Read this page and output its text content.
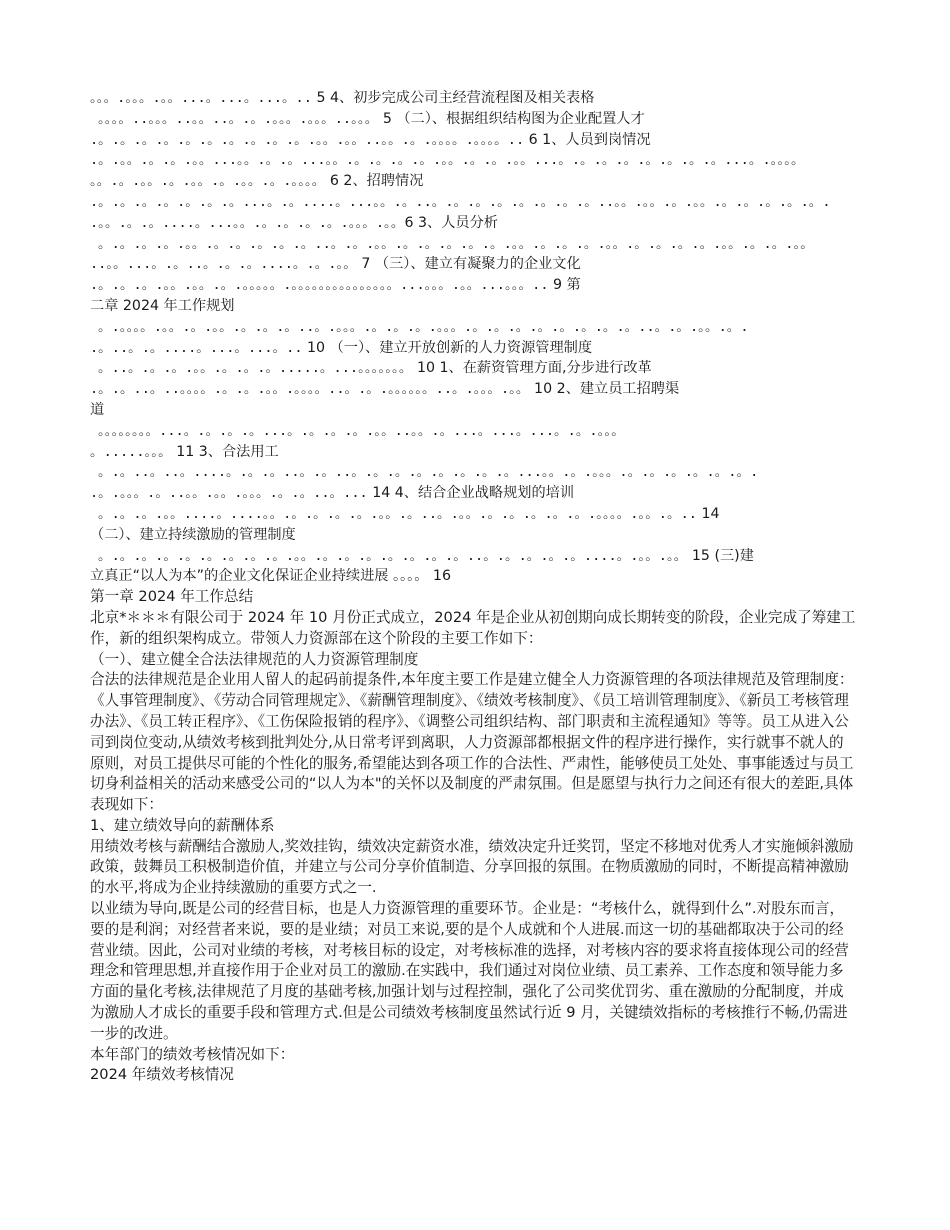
。。。.。。。.。。...。...。...。.. 5 4、初步完成公司主经营流程图及相关表格
。。。。..。。。..。。..。.。.。。。.。。。..。。。 5 （二）、根据组织结构图为企业配置人才
.。.。.。.。.。.。.。.。.。.。.。。.。。..。。.。.。。。。.。。。。.. 6 1、人员到岗情况
.。.。。.。.。.。。...。。.。.。...。。.。.。.。.。.。。.。.。.。。...。.。.。.。.。.。.。.。...。.。。。。
。。.。.。。.。.。。.。.。。.。.。。。。 6 2、招聘情况
.。.。.。.。.。.。.。...。.。....。...。。.。..。.。.。.。.。.。.。.。..。。.。。.。.。。.。.。.。.。.。.
.。。.。.。....。...。。.。.。.。.。.。。。.。。6 3、人员分析
。.。.。.。.。。.。.。.。.。.。..。.。.。。.。.。.。.。.。.。。.。.。.。.。。.。.。.。.。.。。.。.。.。。
..。。...。.。..。.。.。....。.。.。。 7 （三）、建立有凝聚力的企业文化
.。.。.。.。。.。。.。.。。。。。.。。。。。。。。。。。。。。。...。。。.。。...。。。.. 9 第
二章 2024 年工作规划
。.。。。。.。。.。.。。.。.。.。..。.。。。.。.。.。.。。。.。.。.。.。.。.。.。.。..。.。.。。.。.
.。..。.。....。...。...。.. 10 （一）、建立开放创新的人力资源管理制度
。..。.。.。.。。.。.。.。.....。...。。。。。。。 10 1、在薪资管理方面,分步进行改革
.。.。..。..。。。。.。.。.。。.。。。。..。.。.。。。。。。..。.。。。.。。 10 2、建立员工招聘渠
道
。。。。。。。。...。.。.。.。...。.。.。.。.。。..。。.。...。...。...。.。.。。。
。.....。。。 11 3、合法用工
。.。..。..。....。.。.。..。.。..。.。.。.。.。.。.。.。...。。.。.。。。.。.。.。.。.。.。.
.。.。。。.。..。。.。。.。。。.。.。..。... 14 4、结合企业战略规划的培训
。.。.。.。。....。....。。.。.。.。.。.。。.。..。.。。.。.。.。.。.。.。。。。.。。.。.. 14
（二）、建立持续激励的管理制度
。.。.。.。.。.。.。.。.。.。。.。.。.。.。.。.。.。..。.。.。.。.。....。.。。.。。 15 (三)建
立真正“以人为本”的企业文化保证企业持续进展 。。。。 16
第一章 2024 年工作总结
北京*＊＊＊有限公司于 2024 年 10 月份正式成立，2024 年是企业从初创期向成长期转变的阶段，企业完成了筹建工作，新的组织架构成立。带领人力资源部在这个阶段的主要工作如下：
（一）、建立健全合法法律规范的人力资源管理制度
合法的法律规范是企业用人留人的起码前提条件,本年度主要工作是建立健全人力资源管理的各项法律规范及管理制度：《人事管理制度》、《劳动合同管理规定》、《薪酬管理制度》、《绩效考核制度》、《员工培训管理制度》、《新员工考核管理办法》、《员工转正程序》、《工伤保险报销的程序》、《调整公司组织结构、部门职责和主流程通知》等等。员工从进入公司到岗位变动,从绩效考核到批判处分,从日常考评到离职，人力资源部都根据文件的程序进行操作，实行就事不就人的原则，对员工提供尽可能的个性化的服务,希望能达到各项工作的合法性、严肃性，能够使员工处处、事事能透过与员工切身利益相关的活动来感受公司的“以人为本"的关怀以及制度的严肃氛围。但是愿望与执行力之间还有很大的差距,具体表现如下：
1、建立绩效导向的薪酬体系
用绩效考核与薪酬结合激励人,奖效挂钩，绩效决定薪资水准，绩效决定升迁奖罚，坚定不移地对优秀人才实施倾斜激励政策，鼓舞员工积极制造价值，并建立与公司分享价值制造、分享回报的氛围。在物质激励的同时，不断提高精神激励的水平,将成为企业持续激励的重要方式之一.
以业绩为导向,既是公司的经营目标，也是人力资源管理的重要环节。企业是：“考核什么，就得到什么”.对股东而言，要的是利润；对经营者来说，要的是业绩；对员工来说,要的是个人成就和个人进展.而这一切的基础都取决于公司的经营业绩。因此，公司对业绩的考核，对考核目标的设定，对考核标准的选择，对考核内容的要求将直接体现公司的经营理念和管理思想,并直接作用于企业对员工的激励.在实践中，我们通过对岗位业绩、员工素养、工作态度和领导能力多方面的量化考核,法律规范了月度的基础考核,加强计划与过程控制，强化了公司奖优罚劣、重在激励的分配制度，并成为激励人才成长的重要手段和管理方式.但是公司绩效考核制度虽然试行近 9 月，关键绩效指标的考核推行不畅,仍需进一步的改进。
本年部门的绩效考核情况如下：
2024 年绩效考核情况
